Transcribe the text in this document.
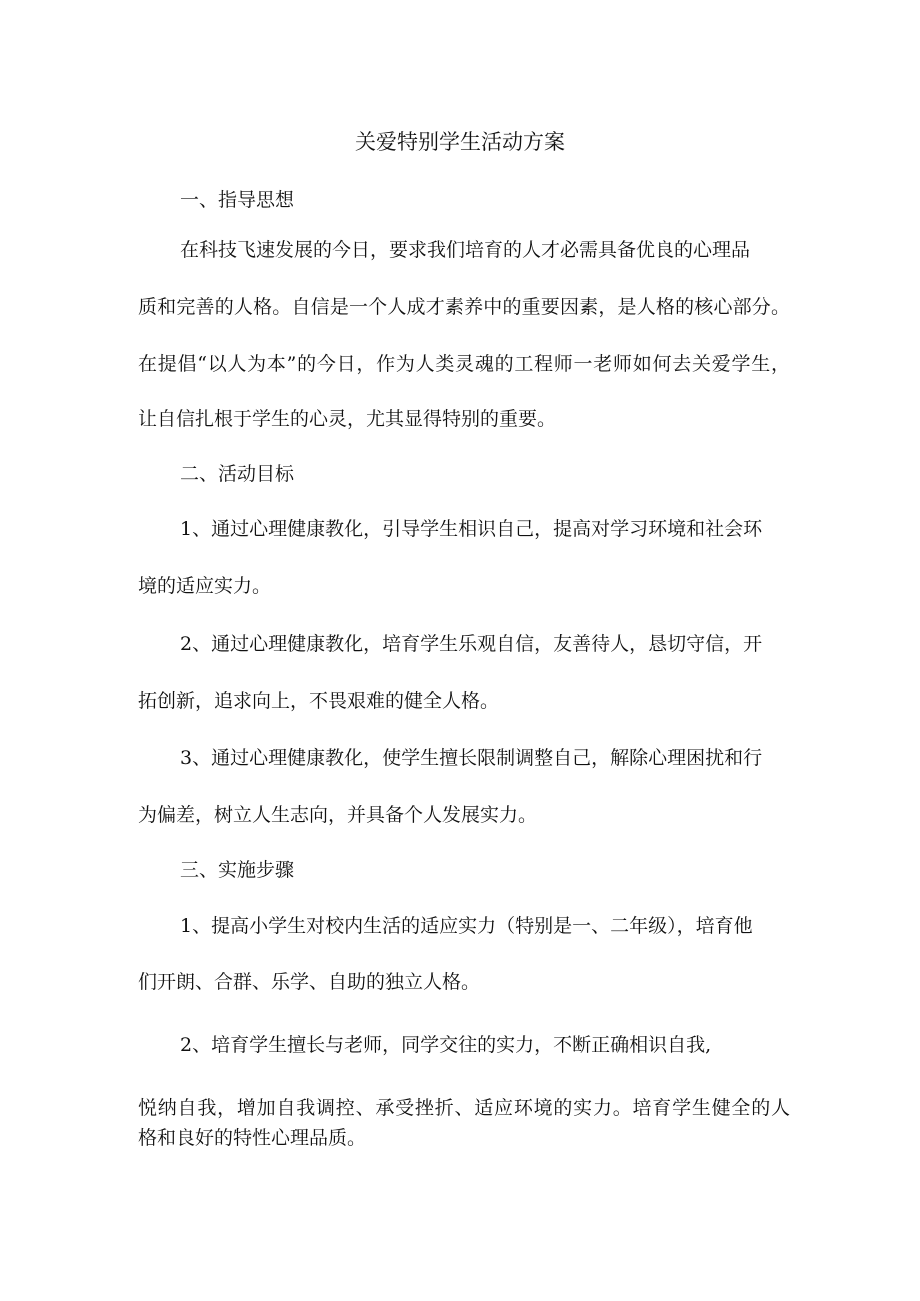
关爱特别学生活动方案
一、指导思想
在科技飞速发展的今日，要求我们培育的人才必需具备优良的心理品
质和完善的人格。自信是一个人成才素养中的重要因素，是人格的核心部分。
在提倡“以人为本”的今日，作为人类灵魂的工程师一老师如何去关爱学生，
让自信扎根于学生的心灵，尤其显得特别的重要。
二、活动目标
1、通过心理健康教化，引导学生相识自己，提高对学习环境和社会环
境的适应实力。
2、通过心理健康教化，培育学生乐观自信，友善待人，恳切守信，开
拓创新，追求向上，不畏艰难的健全人格。
3、通过心理健康教化，使学生擅长限制调整自己，解除心理困扰和行
为偏差，树立人生志向，并具备个人发展实力。
三、实施步骤
1、提高小学生对校内生活的适应实力（特别是一、二年级），培育他
们开朗、合群、乐学、自助的独立人格。
2、培育学生擅长与老师，同学交往的实力，不断正确相识自我,
悦纳自我，增加自我调控、承受挫折、适应环境的实力。培育学生健全的人
格和良好的特性心理品质。
